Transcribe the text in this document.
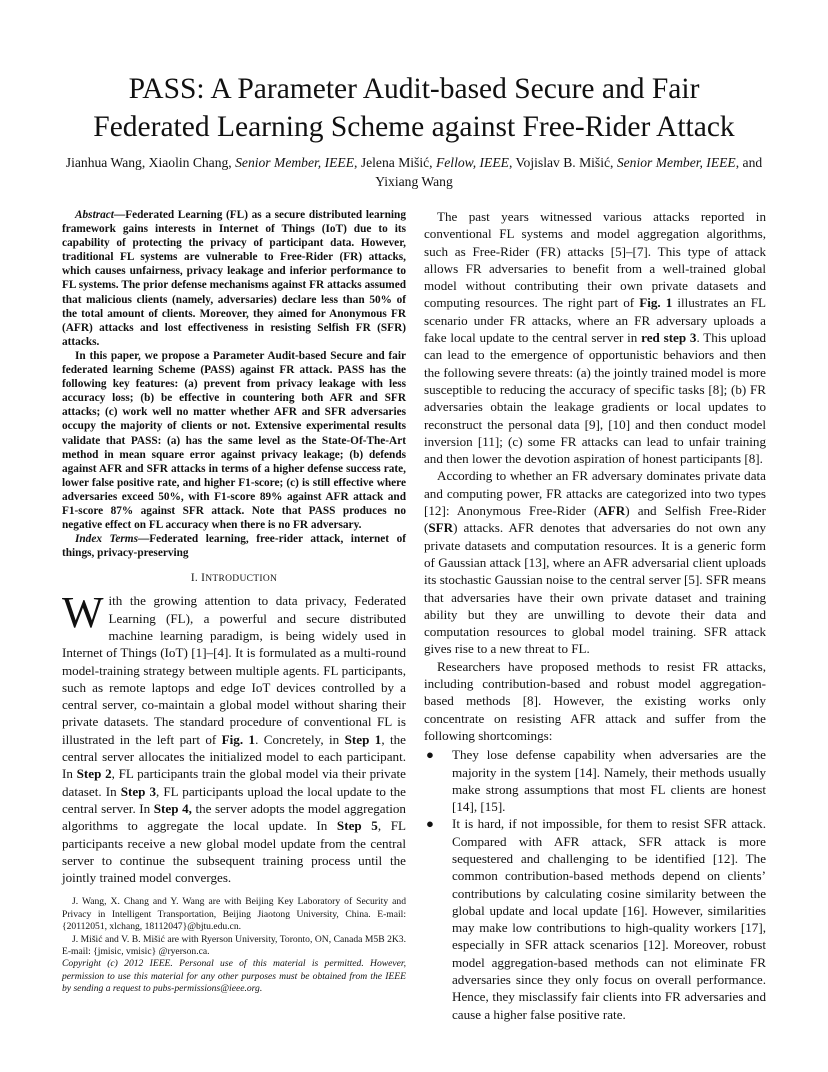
PASS: A Parameter Audit-based Secure and Fair
Federated Learning Scheme against Free-Rider Attack
Jianhua Wang, Xiaolin Chang, Senior Member, IEEE, Jelena Mišić, Fellow, IEEE, Vojislav B. Mišić, Senior Member, IEEE, and Yixiang Wang

Abstract—Federated Learning (FL) as a secure distributed learning framework gains interests in Internet of Things (IoT) due to its capability of protecting the privacy of participant data. However, traditional FL systems are vulnerable to Free-Rider (FR) attacks, which causes unfairness, privacy leakage and inferior performance to FL systems. The prior defense mechanisms against FR attacks assumed that malicious clients (namely, adversaries) declare less than 50% of the total amount of clients. Moreover, they aimed for Anonymous FR (AFR) attacks and lost effectiveness in resisting Selfish FR (SFR) attacks.

In this paper, we propose a Parameter Audit-based Secure and fair federated learning Scheme (PASS) against FR attack. PASS has the following key features: (a) prevent from privacy leakage with less accuracy loss; (b) be effective in countering both AFR and SFR attacks; (c) work well no matter whether AFR and SFR adversaries occupy the majority of clients or not. Extensive experimental results validate that PASS: (a) has the same level as the State-Of-The-Art method in mean square error against privacy leakage; (b) defends against AFR and SFR attacks in terms of a higher defense success rate, lower false positive rate, and higher F1-score; (c) is still effective where adversaries exceed 50%, with F1-score 89% against AFR attack and F1-score 87% against SFR attack. Note that PASS produces no negative effect on FL accuracy when there is no FR adversary.

Index Terms—Federated learning, free-rider attack, internet of things, privacy-preserving

I. INTRODUCTION

With the growing attention to data privacy, Federated Learning (FL), a powerful and secure distributed machine learning paradigm, is being widely used in Internet of Things (IoT) [1]–[4]. It is formulated as a multi-round model-training strategy between multiple agents. FL participants, such as remote laptops and edge IoT devices controlled by a central server, co-maintain a global model without sharing their private datasets. The standard procedure of conventional FL is illustrated in the left part of Fig. 1. Concretely, in Step 1, the central server allocates the initialized model to each participant. In Step 2, FL participants train the global model via their private dataset. In Step 3, FL participants upload the local update to the central server. In Step 4, the server adopts the model aggregation algorithms to aggregate the local update. In Step 5, FL participants receive a new global model update from the central server to continue the subsequent training process until the jointly trained model converges.

J. Wang, X. Chang and Y. Wang are with Beijing Key Laboratory of Security and Privacy in Intelligent Transportation, Beijing Jiaotong University, China. E-mail: {20112051, xlchang, 18112047}@bjtu.edu.cn.

J. Mišić and V. B. Mišić are with Ryerson University, Toronto, ON, Canada M5B 2K3. E-mail: {jmisic, vmisic} @ryerson.ca.

Copyright (c) 2012 IEEE. Personal use of this material is permitted. However, permission to use this material for any other purposes must be obtained from the IEEE by sending a request to pubs-permissions@ieee.org.

The past years witnessed various attacks reported in conventional FL systems and model aggregation algorithms, such as Free-Rider (FR) attacks [5]–[7]. This type of attack allows FR adversaries to benefit from a well-trained global model without contributing their own private datasets and computing resources. The right part of Fig. 1 illustrates an FL scenario under FR attacks, where an FR adversary uploads a fake local update to the central server in red step 3. This upload can lead to the emergence of opportunistic behaviors and then the following severe threats: (a) the jointly trained model is more susceptible to reducing the accuracy of specific tasks [8]; (b) FR adversaries obtain the leakage gradients or local updates to reconstruct the personal data [9], [10] and then conduct model inversion [11]; (c) some FR attacks can lead to unfair training and then lower the devotion aspiration of honest participants [8].

According to whether an FR adversary dominates private data and computing power, FR attacks are categorized into two types [12]: Anonymous Free-Rider (AFR) and Selfish Free-Rider (SFR) attacks. AFR denotes that adversaries do not own any private datasets and computation resources. It is a generic form of Gaussian attack [13], where an AFR adversarial client uploads its stochastic Gaussian noise to the central server [5]. SFR means that adversaries have their own private dataset and training ability but they are unwilling to devote their data and computation resources to global model training. SFR attack gives rise to a new threat to FL.

Researchers have proposed methods to resist FR attacks, including contribution-based and robust model aggregation-based methods [8]. However, the existing works only concentrate on resisting AFR attack and suffer from the following shortcomings:

● They lose defense capability when adversaries are the majority in the system [14]. Namely, their methods usually make strong assumptions that most FL clients are honest [14], [15].
● It is hard, if not impossible, for them to resist SFR attack. Compared with AFR attack, SFR attack is more sequestered and challenging to be identified [12]. The common contribution-based methods depend on clients’ contributions by calculating cosine similarity between the global update and local update [16]. However, similarities may make low contributions to high-quality workers [17], especially in SFR attack scenarios [12]. Moreover, robust model aggregation-based methods can not eliminate FR adversaries since they only focus on overall performance. Hence, they misclassify fair clients into FR adversaries and cause a higher false positive rate.
